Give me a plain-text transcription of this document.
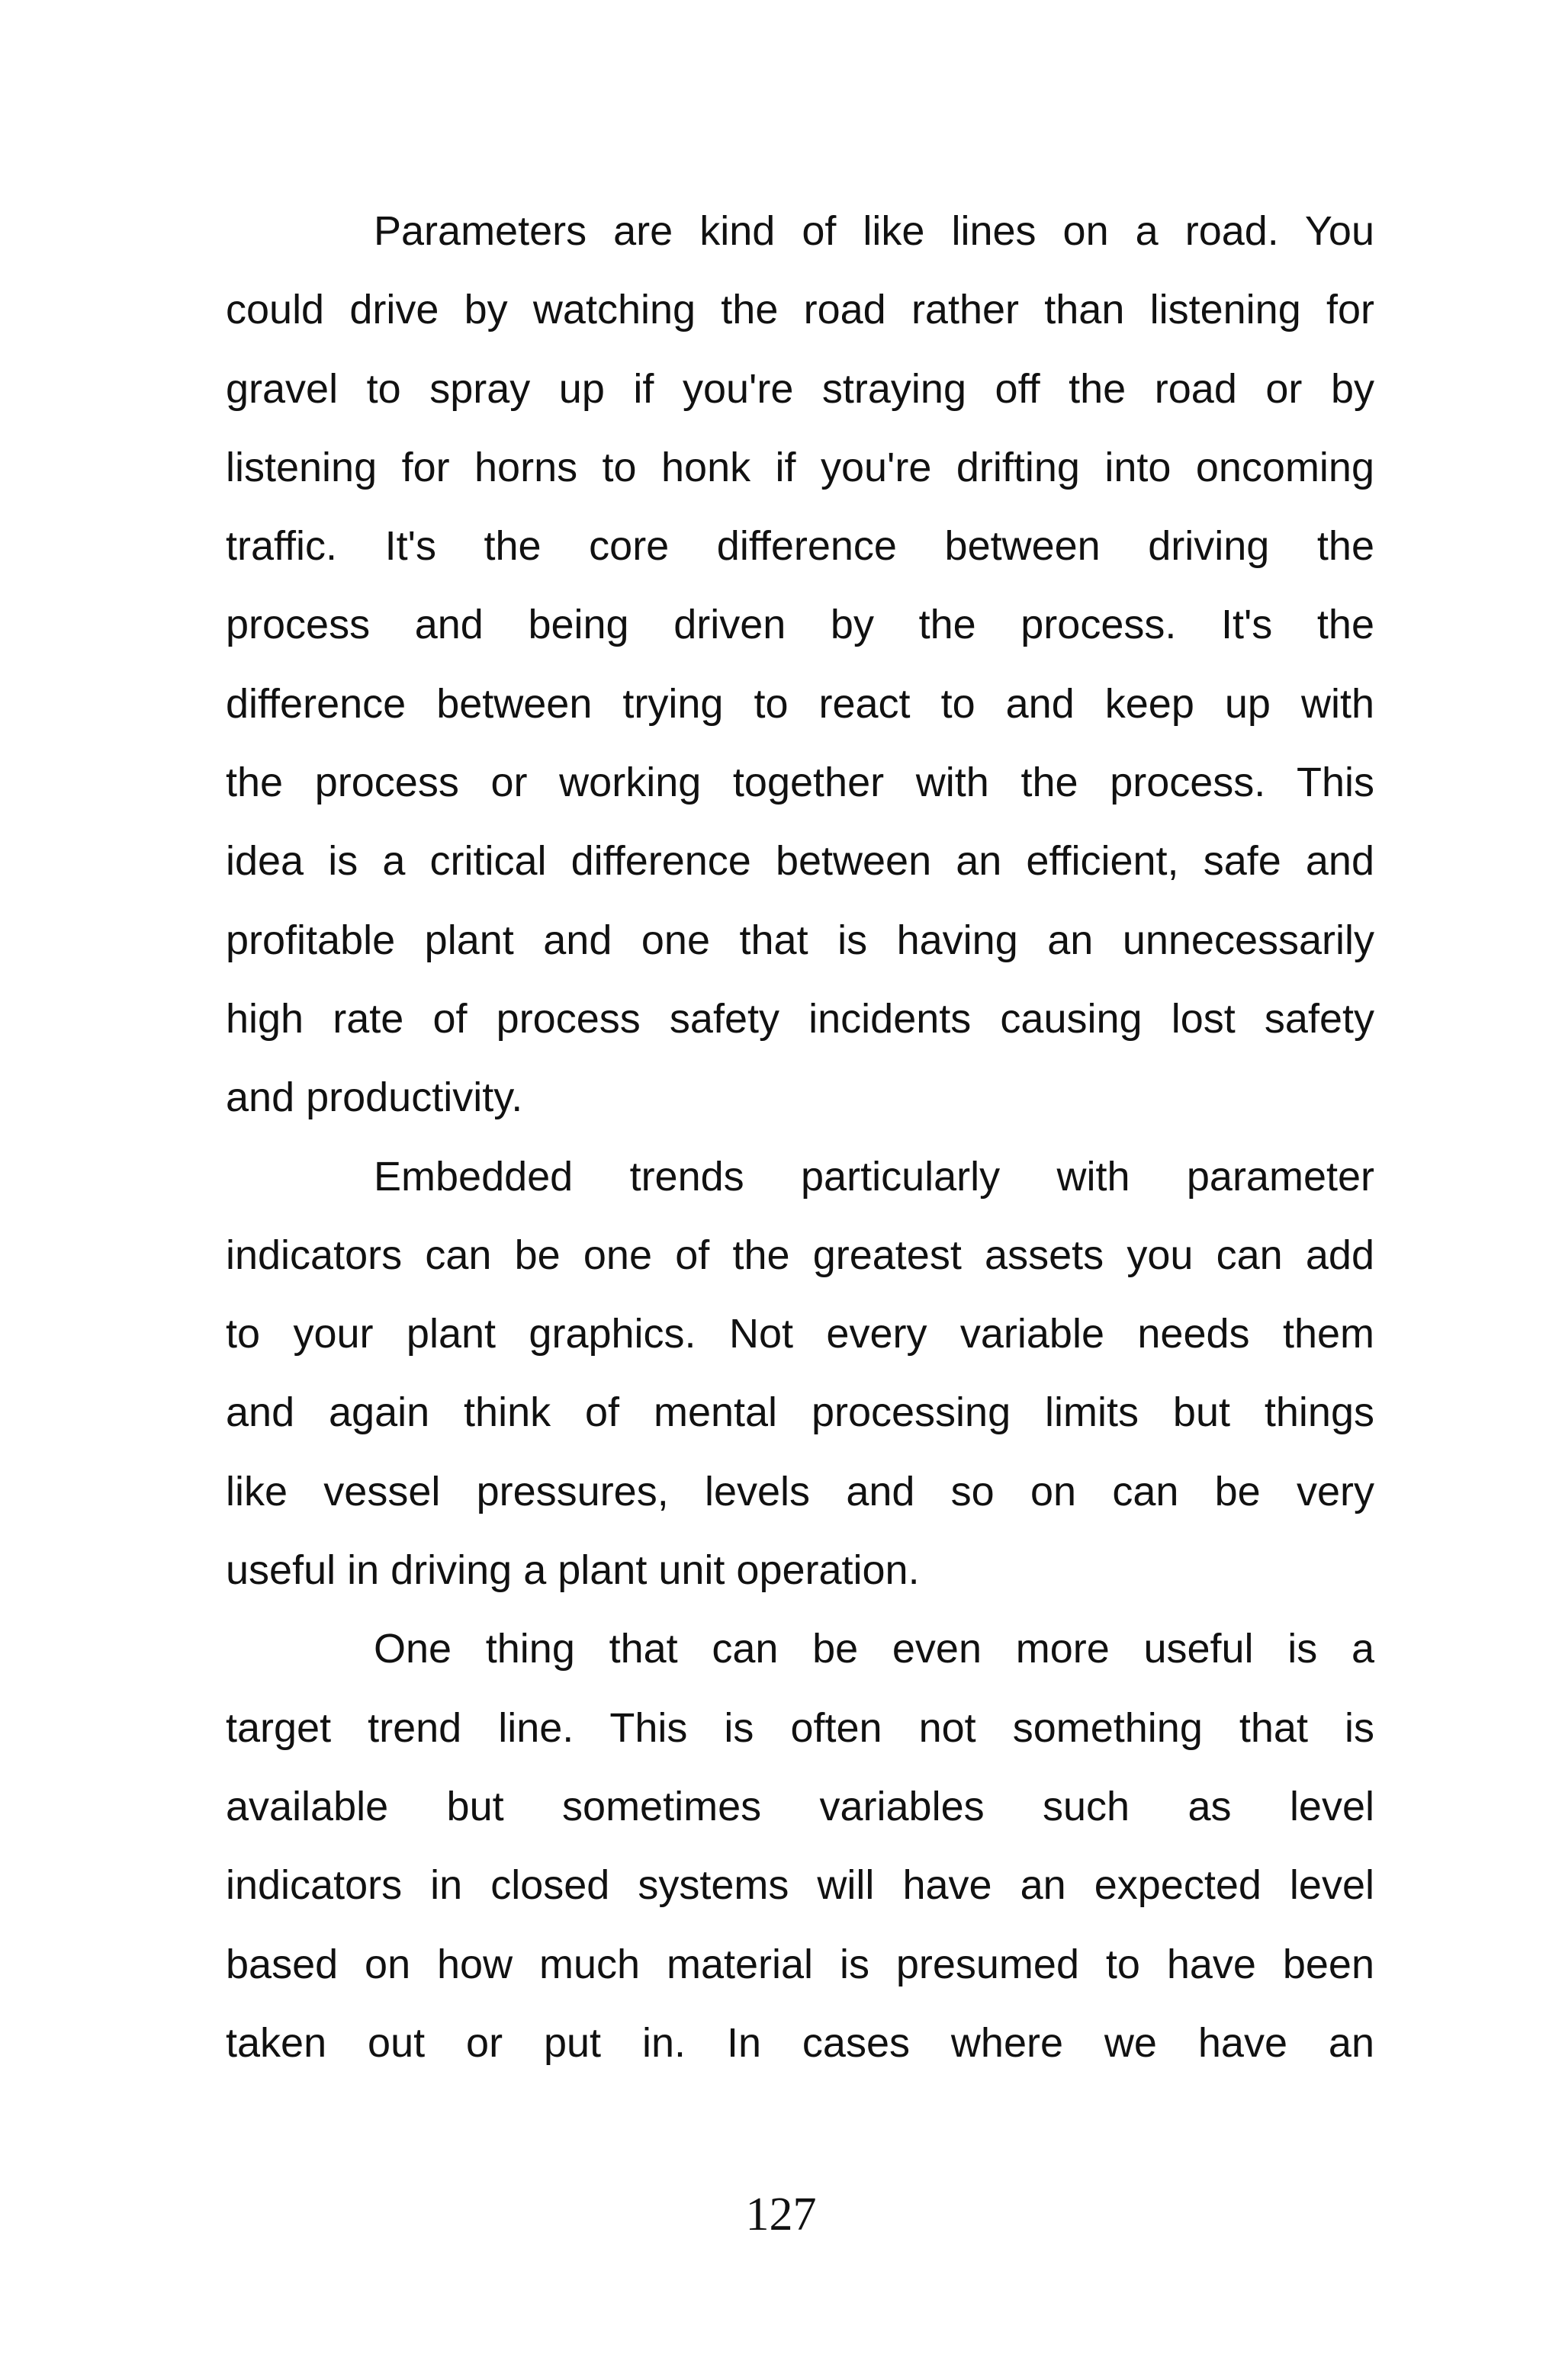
Parameters are kind of like lines on a road. You
could drive by watching the road rather than listening for
gravel to spray up if you're straying off the road or by
listening for horns to honk if you're drifting into oncoming
traffic. It's the core difference between driving the
process and being driven by the process. It's the
difference between trying to react to and keep up with
the process or working together with the process. This
idea is a critical difference between an efficient, safe and
profitable plant and one that is having an unnecessarily
high rate of process safety incidents causing lost safety
and productivity.
Embedded trends particularly with parameter
indicators can be one of the greatest assets you can add
to your plant graphics. Not every variable needs them
and again think of mental processing limits but things
like vessel pressures, levels and so on can be very
useful in driving a plant unit operation.
One thing that can be even more useful is a
target trend line. This is often not something that is
available but sometimes variables such as level
indicators in closed systems will have an expected level
based on how much material is presumed to have been
taken out or put in. In cases where we have an
127
